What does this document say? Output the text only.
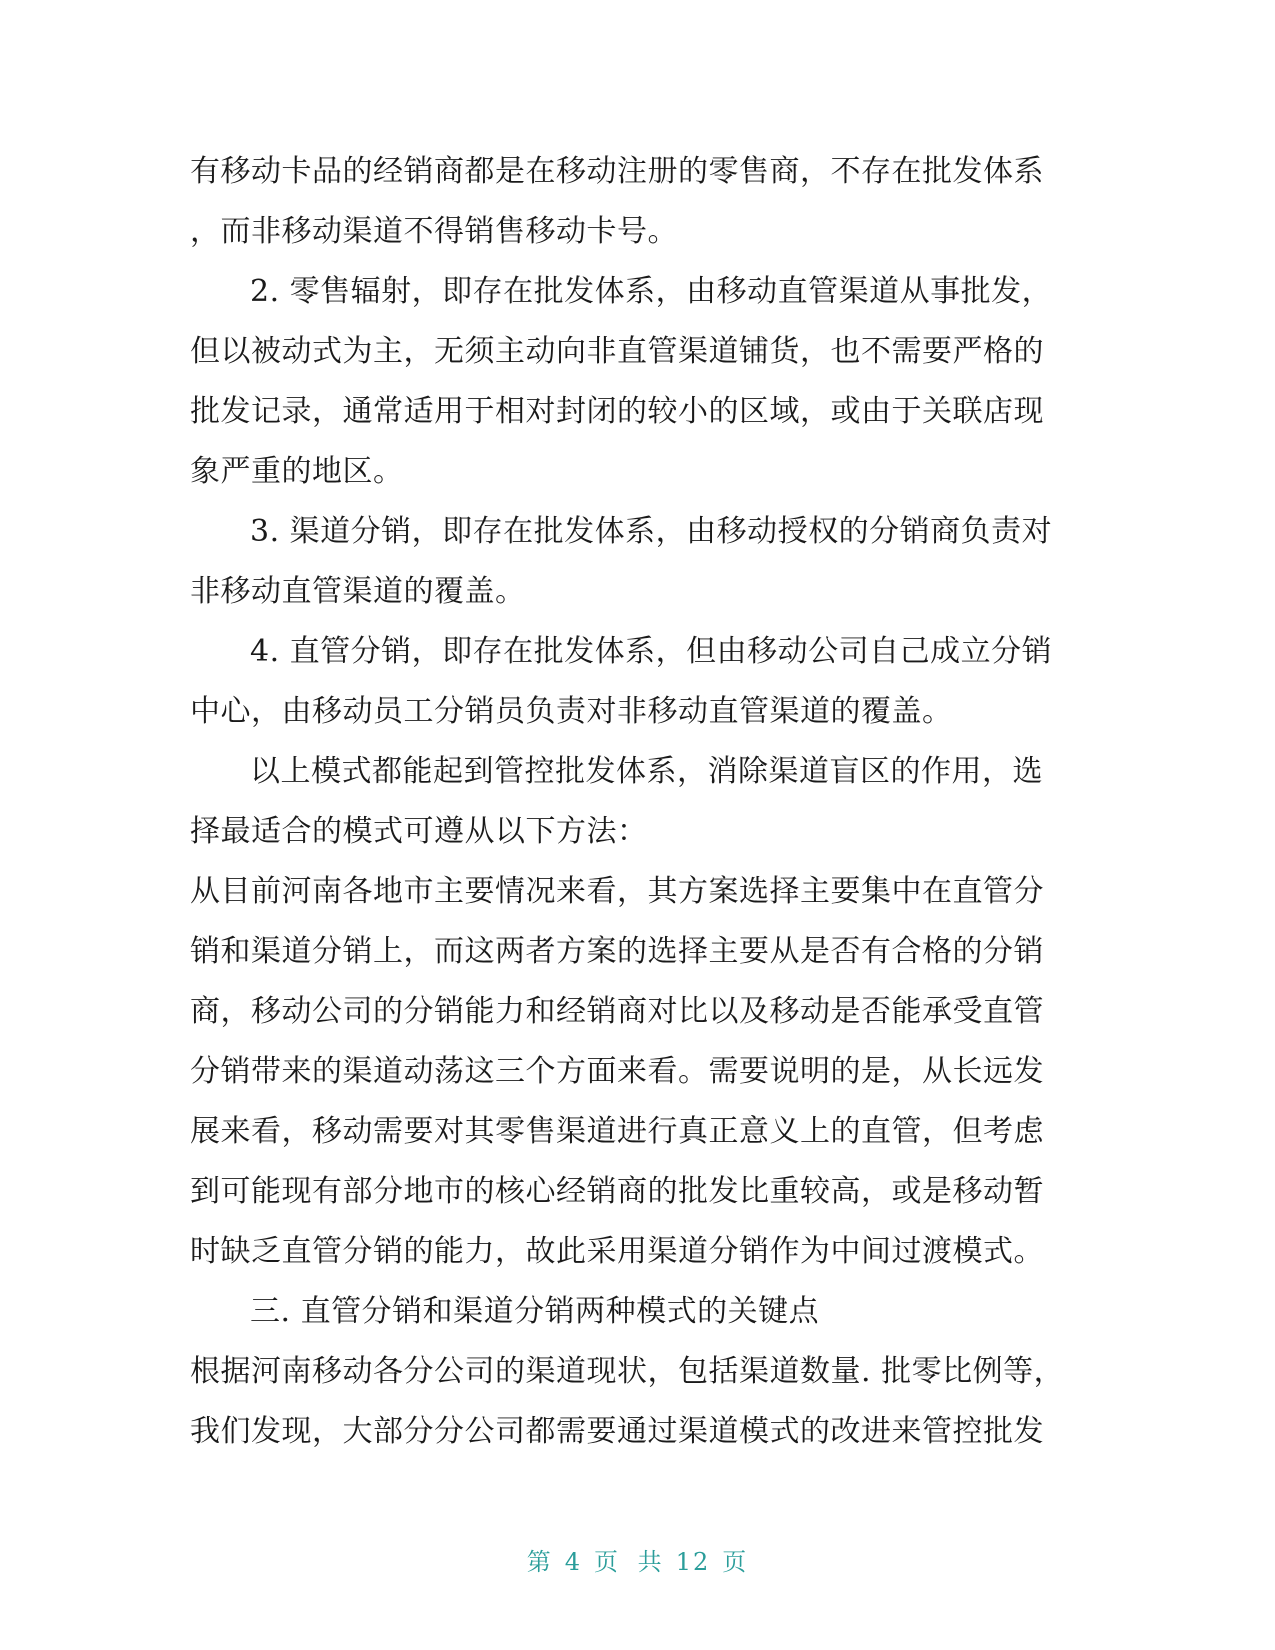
有移动卡品的经销商都是在移动注册的零售商，不存在批发体系
，而非移动渠道不得销售移动卡号。
2. 零售辐射，即存在批发体系，由移动直管渠道从事批发，
但以被动式为主，无须主动向非直管渠道铺货，也不需要严格的
批发记录，通常适用于相对封闭的较小的区域，或由于关联店现
象严重的地区。
3. 渠道分销，即存在批发体系，由移动授权的分销商负责对
非移动直管渠道的覆盖。
4. 直管分销，即存在批发体系，但由移动公司自己成立分销
中心，由移动员工分销员负责对非移动直管渠道的覆盖。
以上模式都能起到管控批发体系，消除渠道盲区的作用，选
择最适合的模式可遵从以下方法：
从目前河南各地市主要情况来看，其方案选择主要集中在直管分
销和渠道分销上，而这两者方案的选择主要从是否有合格的分销
商，移动公司的分销能力和经销商对比以及移动是否能承受直管
分销带来的渠道动荡这三个方面来看。需要说明的是，从长远发
展来看，移动需要对其零售渠道进行真正意义上的直管，但考虑
到可能现有部分地市的核心经销商的批发比重较高，或是移动暂
时缺乏直管分销的能力，故此采用渠道分销作为中间过渡模式。
三. 直管分销和渠道分销两种模式的关键点
根据河南移动各分公司的渠道现状，包括渠道数量. 批零比例等，
我们发现，大部分分公司都需要通过渠道模式的改进来管控批发
第 4 页 共 12 页
